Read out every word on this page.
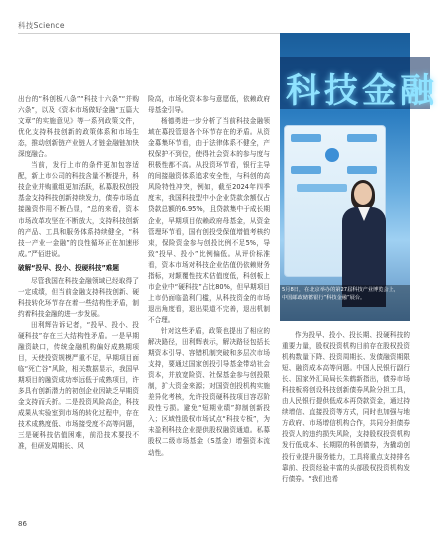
科技Science

出台的“科创板八条”“科技十六条”“并购六条”，以及《资本市场做好金融“五篇大文章”的实施意见》等一系列政策文件，优化支持科技创新的政策体系和市场生态，推动创新链产业链人才链金融链加快深度融合。

当前，发行上市的条件更加包容适配，新上市公司的科技含量不断提升，科技企业并购重组更加活跃，私募股权创投基金支持科技创新持续发力，债券市场直接融资作用不断凸显，“总的来看，资本市场改革攻坚在不断放大，支持科技创新的产品、工具和服务体系持续健全，“科技一产业一金融”的良性循环正在加速形成。”严佰进说。

破解“投早、投小、投硬科技”难题

尽管我国在科技金融领域已经取得了一定成绩，但当前金融支持科技创新、硬科技转化环节存在着一些结构性矛盾，制约着科技金融的进一步发展。

田利辉告诉记者，“投早、投小、投硬科技”存在三大结构性矛盾。一是早期融资缺口，传统金融机构偏好成熟期项目，天使投资规模严重不足，早期项目面临“死亡谷”风险，相关数据显示，我国早期项目的融资成功率远低于成熟项目，许多具有创新潜力的初创企业因缺乏早期资金支持而夭折。二是投资风险高企，科技成果从实验室到市场的转化过程中，存在技术成熟度低、市场接受度不高等问题，三是硬科技估值困难，前沿技术要投不准，但研发周期长、风

险高，市场化资本参与意愿低，依赖政府母基金引导。

杨德勇进一步分析了当前科技金融领域在募投管退各个环节存在的矛盾。从资金募集环节看，由于法律体系不健全，产权保护不到位，使得社会资本的参与度与积极性都不高。从投资环节看，银行主导的间接融资体系追求安全性，与科创的高风险特性冲突，例如，截至2024年四季度末，我国科技型中小企业贷款余额仅占贷款总额的6.95%，且贷款集中于成长期企业，早期项目依赖政府母基金，从资金管理环节看，国有创投受保值增值考核约束，保险资金参与创投比例不足5%，导致“投早、投小”比例偏低。从评价标准看，资本市场对科技企业估值仍依赖财务指标，对颠覆性技术估值度低，科创板上市企业中“硬科技”占比80%，但早期项目上市仍面临盈利门槛，从科技资金的市场退出角度看，退出渠道不完善，退出机制不合理。

针对这些矛盾，政策也提出了相应的解决路径，田利辉表示，解决路径包括长期资本引导、容错机制突破和多层次市场支持，要通过国家创投引导基金带动社会资本，并放宽险资、社保基金参与创投限制，扩大资金来源；对国资创投机构实施差异化考核，允许投资硬科技项目容忍阶段性亏损。避免“短期业绩”抑制创新投入；区域性股权市场试点“科技专板”，为未盈利科技企业提供股权融资通道。私募股权二级市场基金（S基金）增强资本流动性。

科技金融
5月8日，在北京举办的第27届科技产业博览会上，中国邮政储蓄银行“科技金融”展台。

作为投早、投小、投长期、投硬科技的重要力量，股权投资机构目前存在股权投资机构数量下降、投资周期长、发债融资期限短、融资成本高等问题。中国人民银行副行长、国家外汇局局长朱鹤新指出，债券市场科技板将创设科技创新债券风险分担工具，由人民银行提供低成本再贷款资金，通过持续增信、直接投资等方式，同时也加强与地方政府、市场增信机构合作，共同分担债券投资人的违约损失风险，支持股权投资机构发行低成本、长期限的科创债券，为撬动创投行业提升服务能力，工具将重点支持排名靠前、投资经验丰富的头部股权投资机构发行债券。“我们也希

86
